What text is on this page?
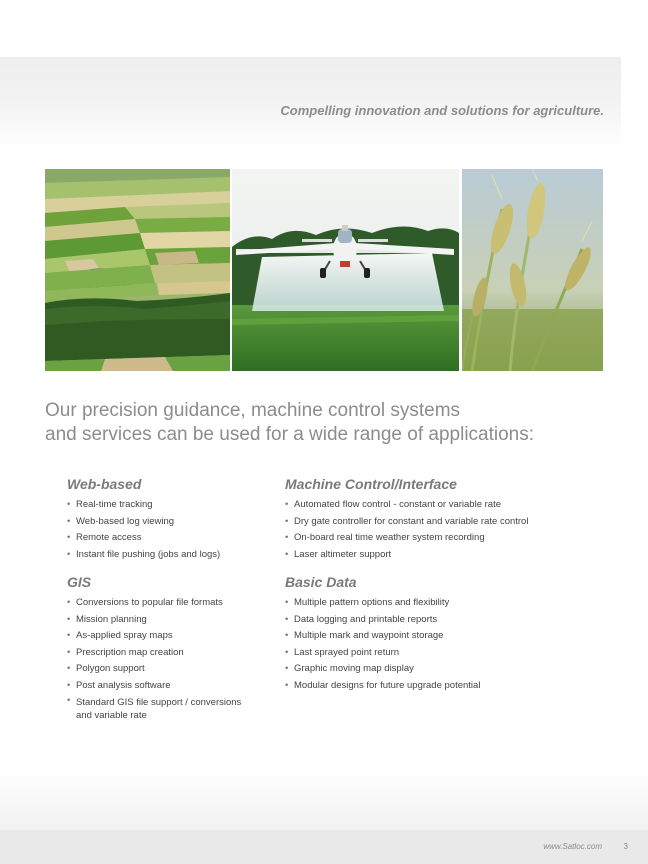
Compelling innovation and solutions for agriculture.

Our precision guidance, machine control systems
and services can be used for a wide range of applications:

Web-based
• Real-time tracking
• Web-based log viewing
• Remote access
• Instant file pushing (jobs and logs)
GIS
• Conversions to popular file formats
• Mission planning
• As-applied spray maps
• Prescription map creation
• Polygon support
• Post analysis software
• Standard GIS file support / conversions and variable rate
Machine Control/Interface
• Automated flow control - constant or variable rate
• Dry gate controller for constant and variable rate control
• On-board real time weather system recording
• Laser altimeter support
Basic Data
• Multiple pattern options and flexibility
• Data logging and printable reports
• Multiple mark and waypoint storage
• Last sprayed point return
• Graphic moving map display
• Modular designs for future upgrade potential

www.Satloc.com	3
